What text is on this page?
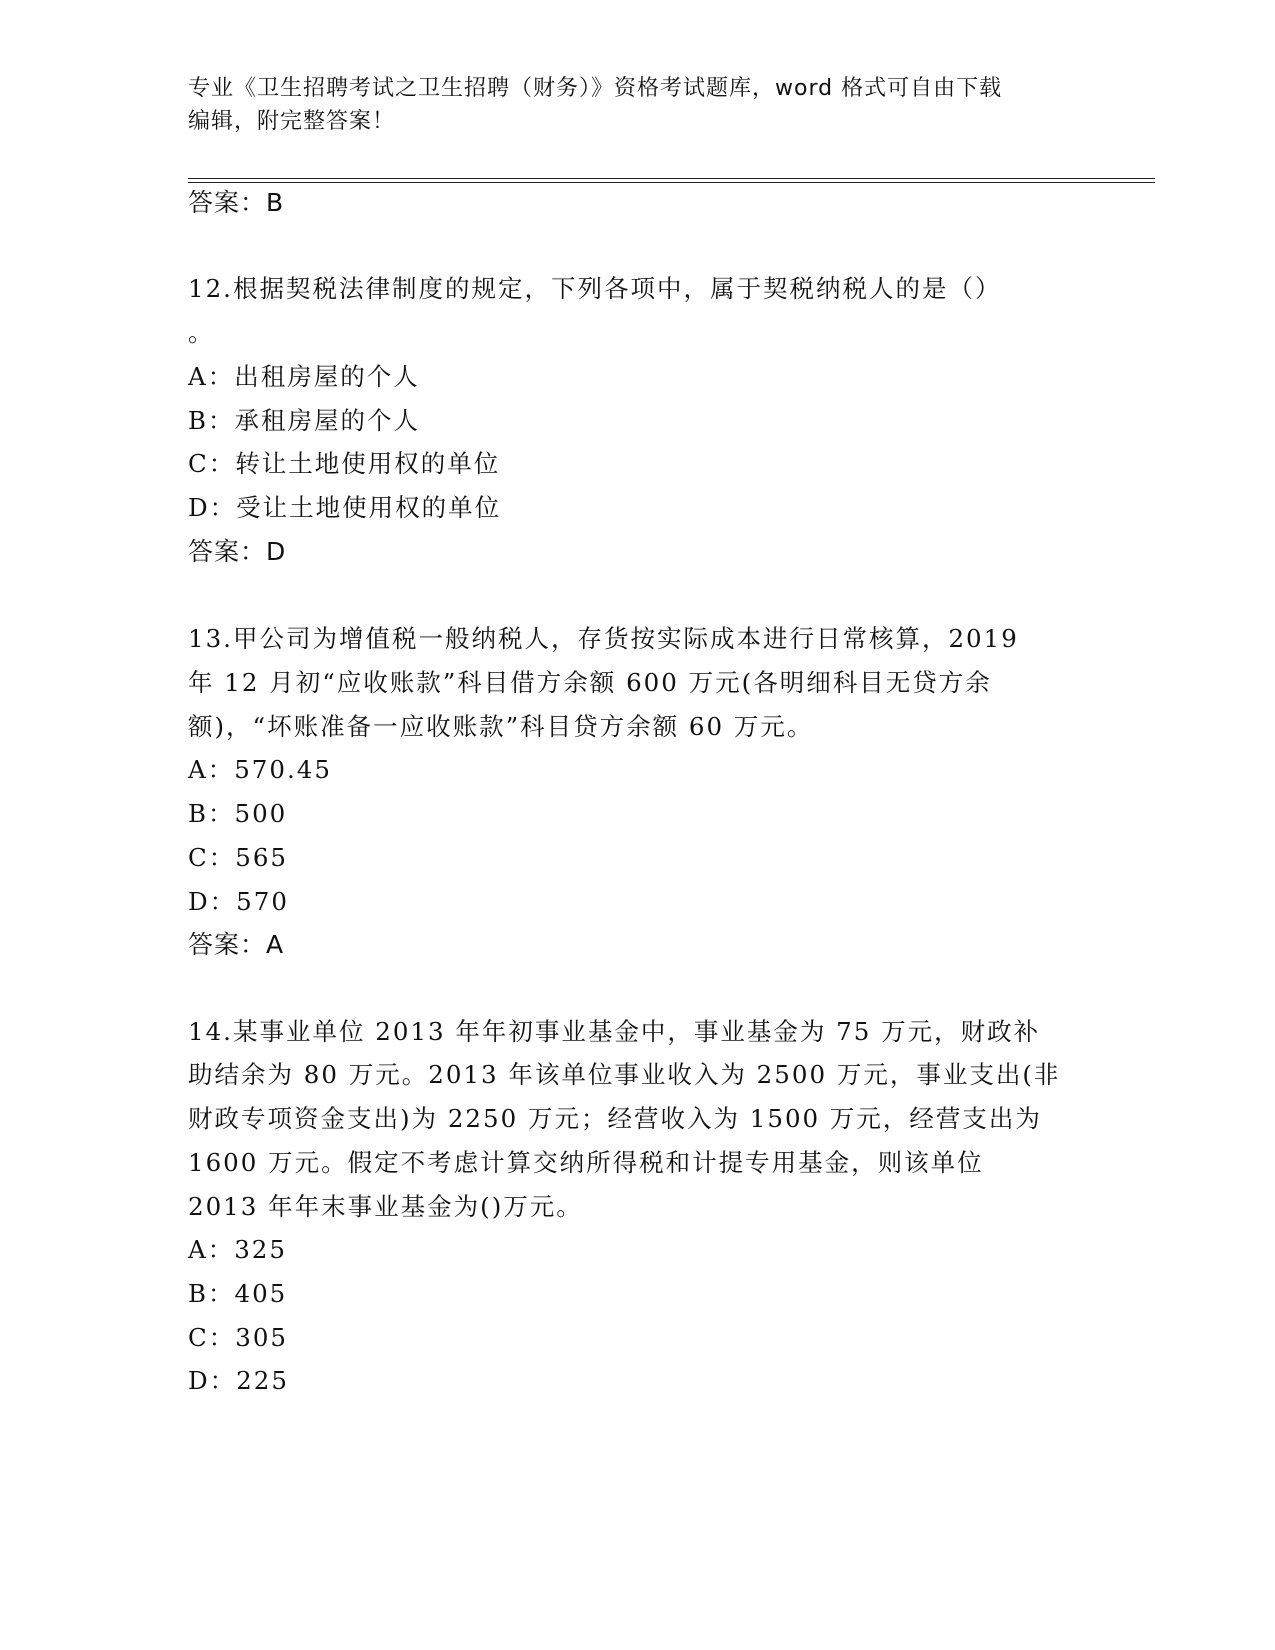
专业《卫生招聘考试之卫生招聘（财务）》资格考试题库，word 格式可自由下载
编辑，附完整答案！
答案：B
12.根据契税法律制度的规定，下列各项中，属于契税纳税人的是（）
。
A：出租房屋的个人
B：承租房屋的个人
C：转让土地使用权的单位
D：受让土地使用权的单位
答案：D
13.甲公司为增值税一般纳税人，存货按实际成本进行日常核算，2019
年 12 月初“应收账款”科目借方余额 600 万元(各明细科目无贷方余
额)，“坏账准备一应收账款”科目贷方余额 60 万元。
A：570.45
B：500
C：565
D：570
答案：A
14.某事业单位 2013 年年初事业基金中，事业基金为 75 万元，财政补
助结余为 80 万元。2013 年该单位事业收入为 2500 万元，事业支出(非
财政专项资金支出)为 2250 万元；经营收入为 1500 万元，经营支出为
1600 万元。假定不考虑计算交纳所得税和计提专用基金，则该单位
2013 年年末事业基金为()万元。
A：325
B：405
C：305
D：225
